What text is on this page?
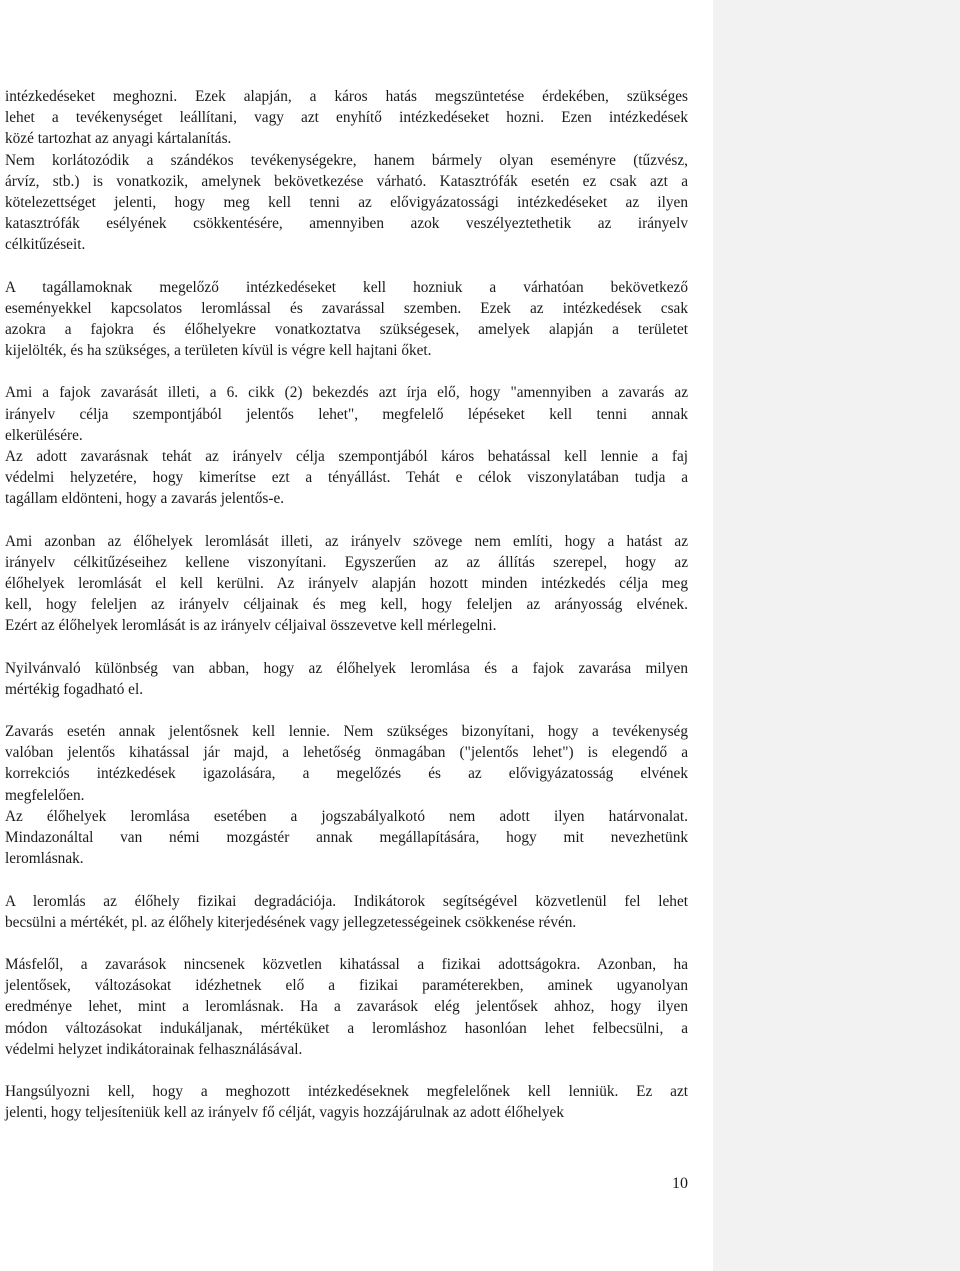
intézkedéseket meghozni. Ezek alapján, a káros hatás megszüntetése érdekében, szükséges
lehet a tevékenységet leállítani, vagy azt enyhítő intézkedéseket hozni. Ezen intézkedések
közé tartozhat az anyagi kártalanítás.
Nem korlátozódik a szándékos tevékenységekre, hanem bármely olyan eseményre (tűzvész,
árvíz, stb.) is vonatkozik, amelynek bekövetkezése várható. Katasztrófák esetén ez csak azt a
kötelezettséget jelenti, hogy meg kell tenni az elővigyázatossági intézkedéseket az ilyen
katasztrófák esélyének csökkentésére, amennyiben azok veszélyeztethetik az irányelv
célkitűzéseit.
A tagállamoknak megelőző intézkedéseket kell hozniuk a várhatóan bekövetkező
eseményekkel kapcsolatos leromlással és zavarással szemben. Ezek az intézkedések csak
azokra a fajokra és élőhelyekre vonatkoztatva szükségesek, amelyek alapján a területet
kijelölték, és ha szükséges, a területen kívül is végre kell hajtani őket.
Ami a fajok zavarását illeti, a 6. cikk (2) bekezdés azt írja elő, hogy "amennyiben a zavarás az
irányelv célja szempontjából jelentős lehet", megfelelő lépéseket kell tenni annak
elkerülésére.
Az adott zavarásnak tehát az irányelv célja szempontjából káros behatással kell lennie a faj
védelmi helyzetére, hogy kimerítse ezt a tényállást. Tehát e célok viszonylatában tudja a
tagállam eldönteni, hogy a zavarás jelentős-e.
Ami azonban az élőhelyek leromlását illeti, az irányelv szövege nem említi, hogy a hatást az
irányelv célkitűzéseihez kellene viszonyítani. Egyszerűen az az állítás szerepel, hogy az
élőhelyek leromlását el kell kerülni. Az irányelv alapján hozott minden intézkedés célja meg
kell, hogy feleljen az irányelv céljainak és meg kell, hogy feleljen az arányosság elvének.
Ezért az élőhelyek leromlását is az irányelv céljaival összevetve kell mérlegelni.
Nyilvánvaló különbség van abban, hogy az élőhelyek leromlása és a fajok zavarása milyen
mértékig fogadható el.
Zavarás esetén annak jelentősnek kell lennie. Nem szükséges bizonyítani, hogy a tevékenység
valóban jelentős kihatással jár majd, a lehetőség önmagában ("jelentős lehet") is elegendő a
korrekciós intézkedések igazolására, a megelőzés és az elővigyázatosság elvének
megfelelően.
Az élőhelyek leromlása esetében a jogszabályalkotó nem adott ilyen határvonalat.
Mindazonáltal van némi mozgástér annak megállapítására, hogy mit nevezhetünk
leromlásnak.
A leromlás az élőhely fizikai degradációja. Indikátorok segítségével közvetlenül fel lehet
becsülni a mértékét, pl. az élőhely kiterjedésének vagy jellegzetességeinek csökkenése révén.
Másfelől, a zavarások nincsenek közvetlen kihatással a fizikai adottságokra. Azonban, ha
jelentősek, változásokat idézhetnek elő a fizikai paraméterekben, aminek ugyanolyan
eredménye lehet, mint a leromlásnak. Ha a zavarások elég jelentősek ahhoz, hogy ilyen
módon változásokat indukáljanak, mértéküket a leromláshoz hasonlóan lehet felbecsülni, a
védelmi helyzet indikátorainak felhasználásával.
Hangsúlyozni kell, hogy a meghozott intézkedéseknek megfelelőnek kell lenniük. Ez azt
jelenti, hogy teljesíteniük kell az irányelv fő célját, vagyis hozzájárulnak az adott élőhelyek
10
